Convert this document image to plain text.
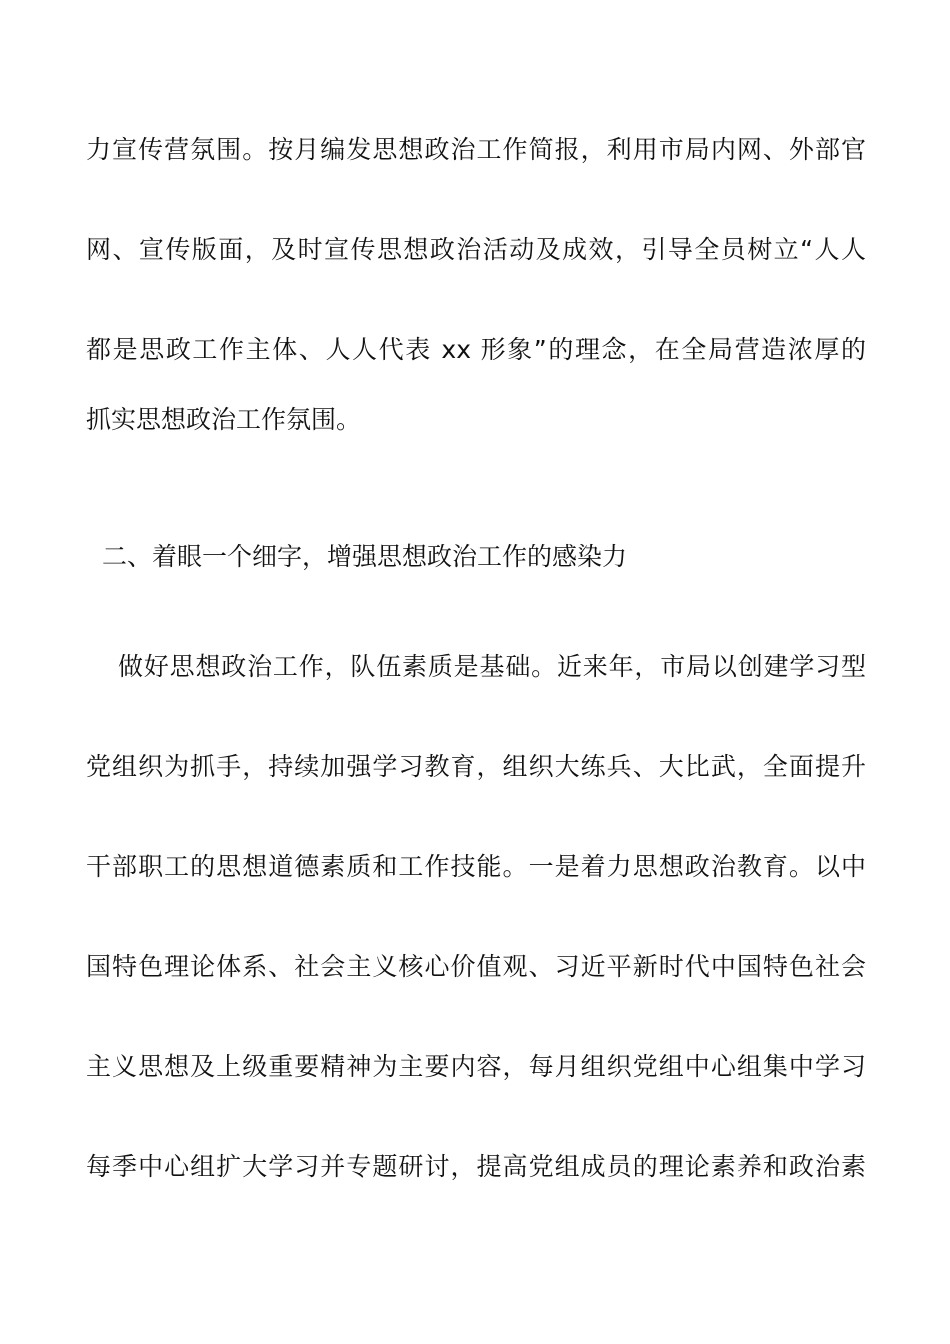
力宣传营氛围。按月编发思想政治工作简报，利用市局内网、外部官
网、宣传版面，及时宣传思想政治活动及成效，引导全员树立“人人
都是思政工作主体、人人代表 xx 形象”的理念，在全局营造浓厚的
抓实思想政治工作氛围。
二、着眼一个细字，增强思想政治工作的感染力
做好思想政治工作，队伍素质是基础。近来年，市局以创建学习型
党组织为抓手，持续加强学习教育，组织大练兵、大比武，全面提升
干部职工的思想道德素质和工作技能。一是着力思想政治教育。以中
国特色理论体系、社会主义核心价值观、习近平新时代中国特色社会
主义思想及上级重要精神为主要内容，每月组织党组中心组集中学习
每季中心组扩大学习并专题研讨，提高党组成员的理论素养和政治素
